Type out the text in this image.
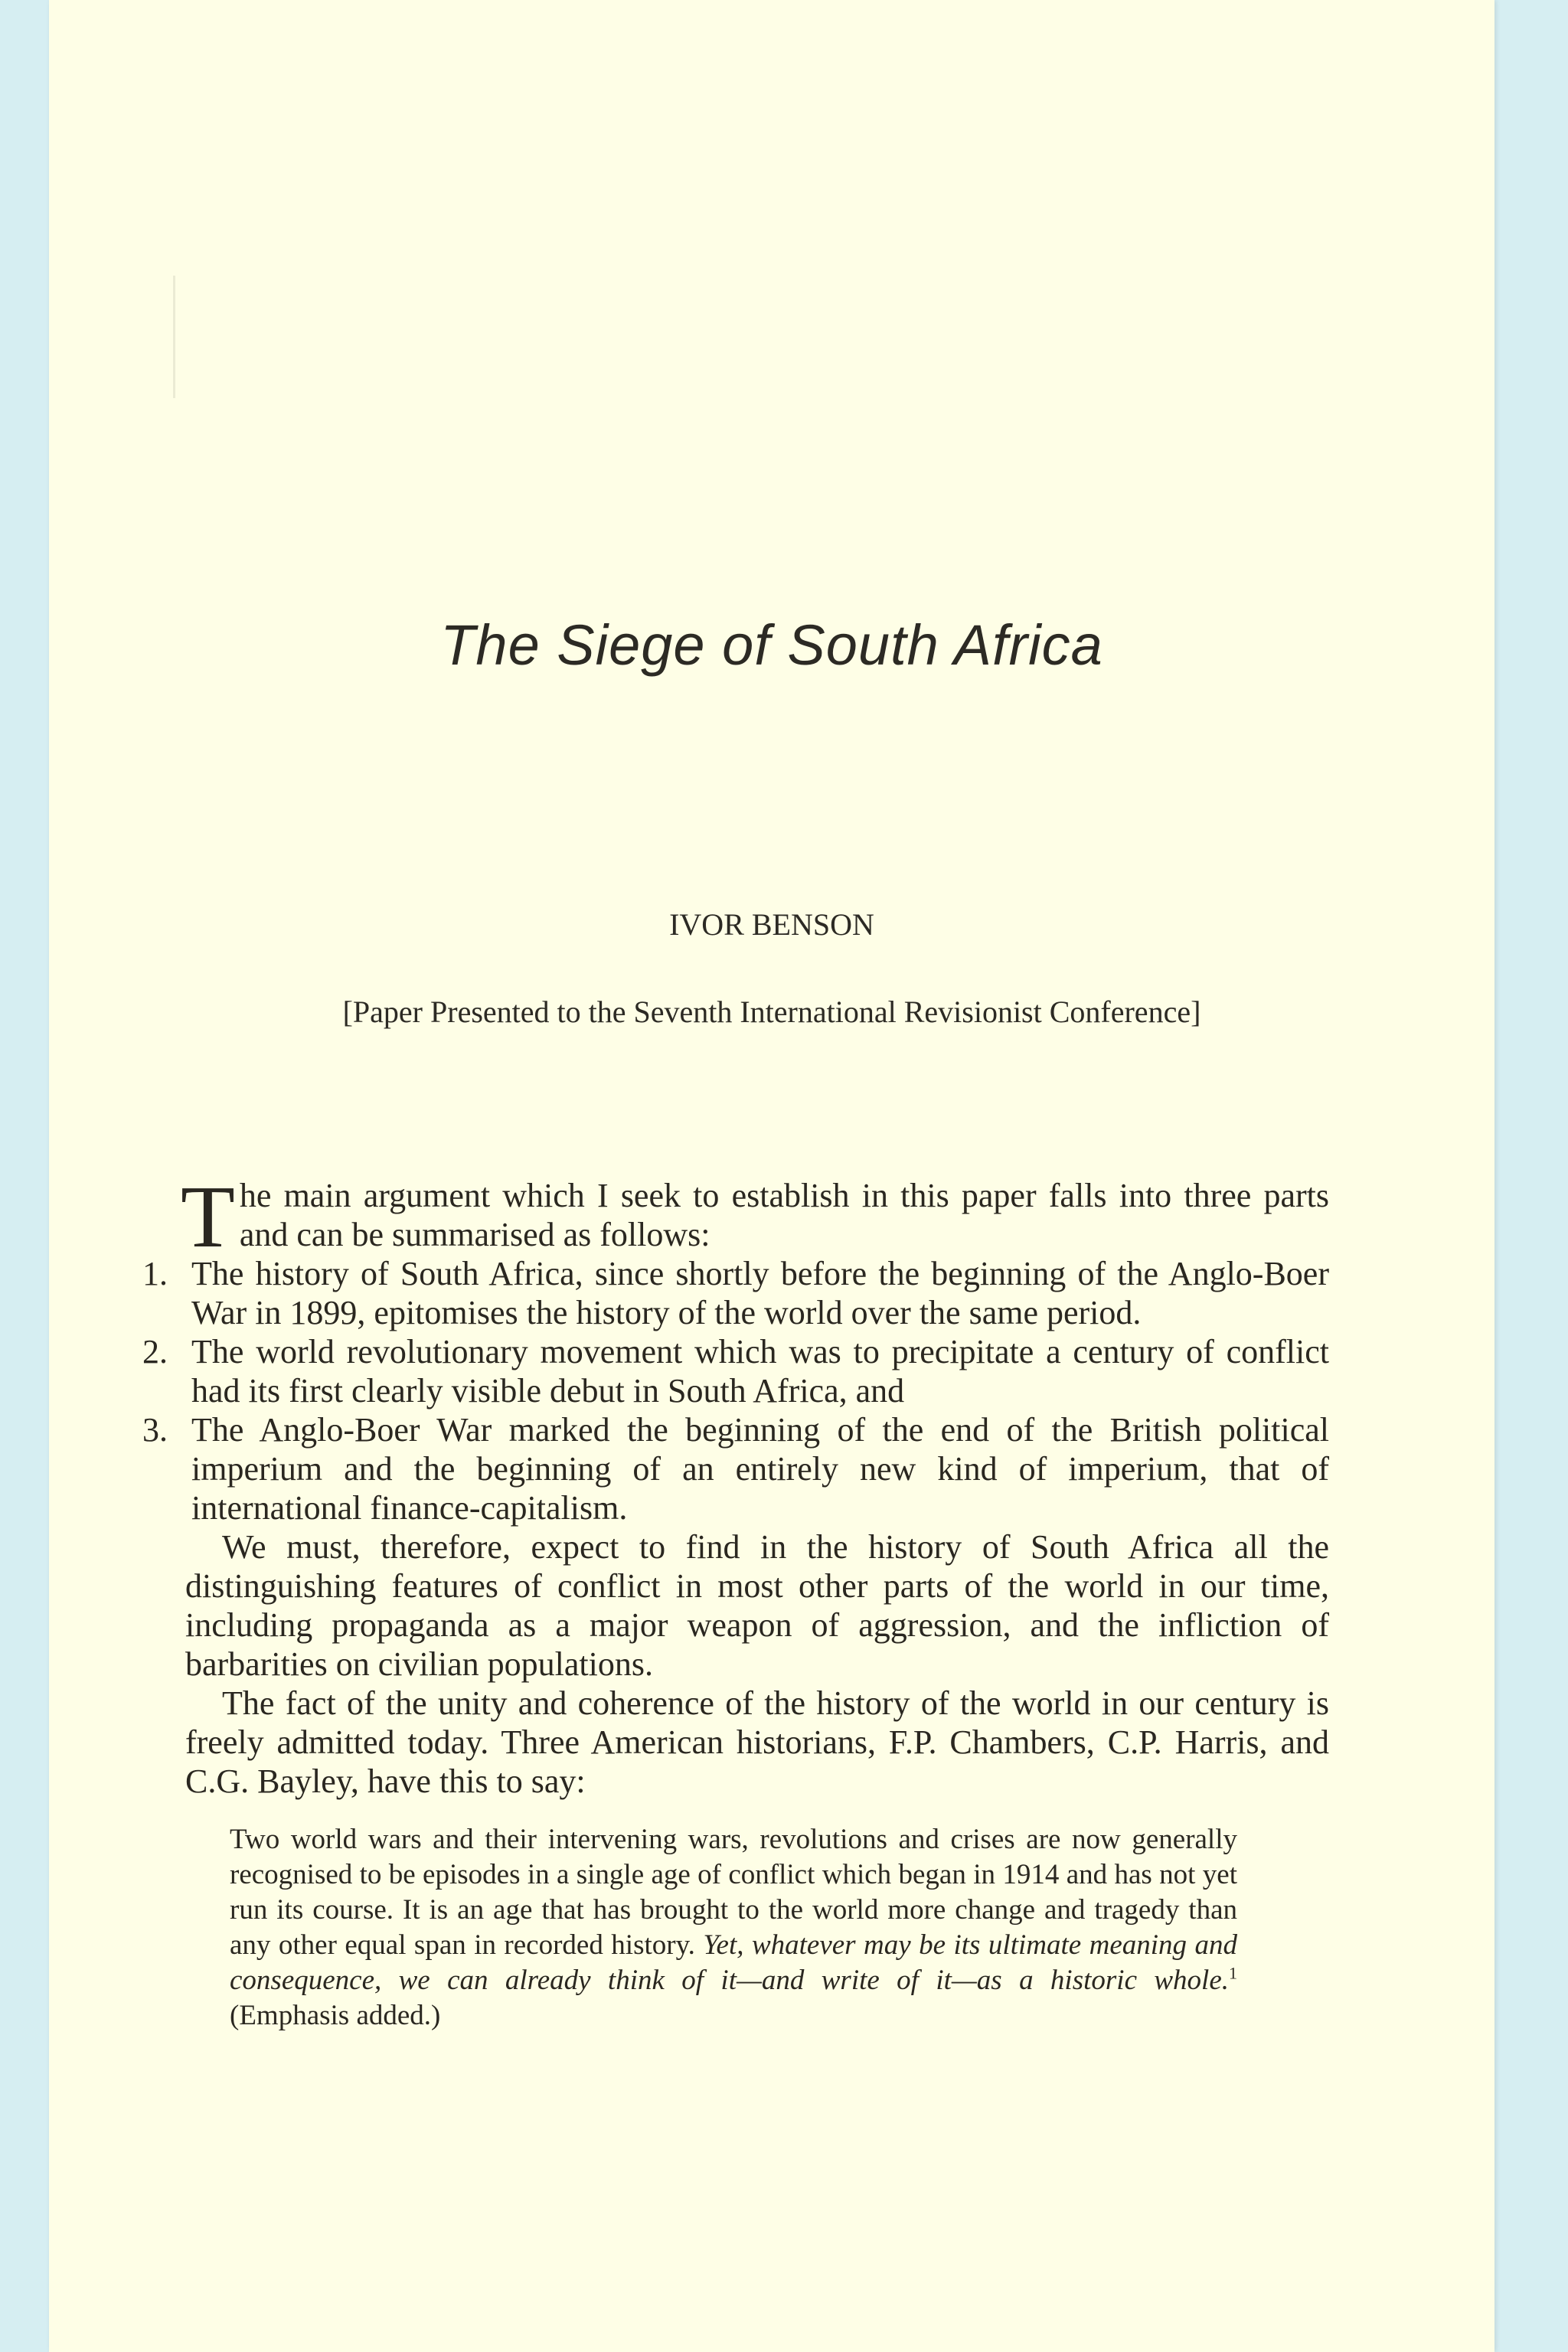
The Siege of South Africa

IVOR BENSON

[Paper Presented to the Seventh International Revisionist Conference]

The main argument which I seek to establish in this paper falls into three parts and can be summarised as follows:

1. The history of South Africa, since shortly before the beginning of the Anglo-Boer War in 1899, epitomises the history of the world over the same period.
2. The world revolutionary movement which was to precipitate a century of conflict had its first clearly visible debut in South Africa, and
3. The Anglo-Boer War marked the beginning of the end of the British political imperium and the beginning of an entirely new kind of imperium, that of international finance-capitalism.

We must, therefore, expect to find in the history of South Africa all the distinguishing features of conflict in most other parts of the world in our time, including propaganda as a major weapon of aggression, and the infliction of barbarities on civilian populations.

The fact of the unity and coherence of the history of the world in our century is freely admitted today. Three American historians, F.P. Chambers, C.P. Harris, and C.G. Bayley, have this to say:

Two world wars and their intervening wars, revolutions and crises are now generally recognised to be episodes in a single age of conflict which began in 1914 and has not yet run its course. It is an age that has brought to the world more change and tragedy than any other equal span in recorded history. Yet, whatever may be its ultimate meaning and consequence, we can already think of it—and write of it—as a historic whole.$^1$ (Emphasis added.)
